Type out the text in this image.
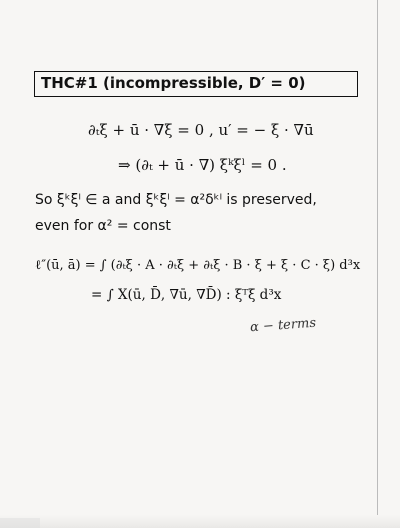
THC#1 (incompressible, D′ = 0)
∂ₜξ + ū · ∇ξ = 0 , u′ = − ξ · ∇ū
⇒ (∂ₜ + ū · ∇) ξᵏξˡ = 0 .
So ξᵏξˡ ∈ a and ξᵏξˡ = α²δᵏˡ is preserved,
even for α² = const
ℓ″(ū, ā) = ∫ (∂ₜξ · A · ∂ₜξ + ∂ₜξ · B · ξ + ξ · C · ξ) d³x
= ∫ X(ū, D̄, ∇ū, ∇D̄) : ξᵀξ d³x
α − terms
